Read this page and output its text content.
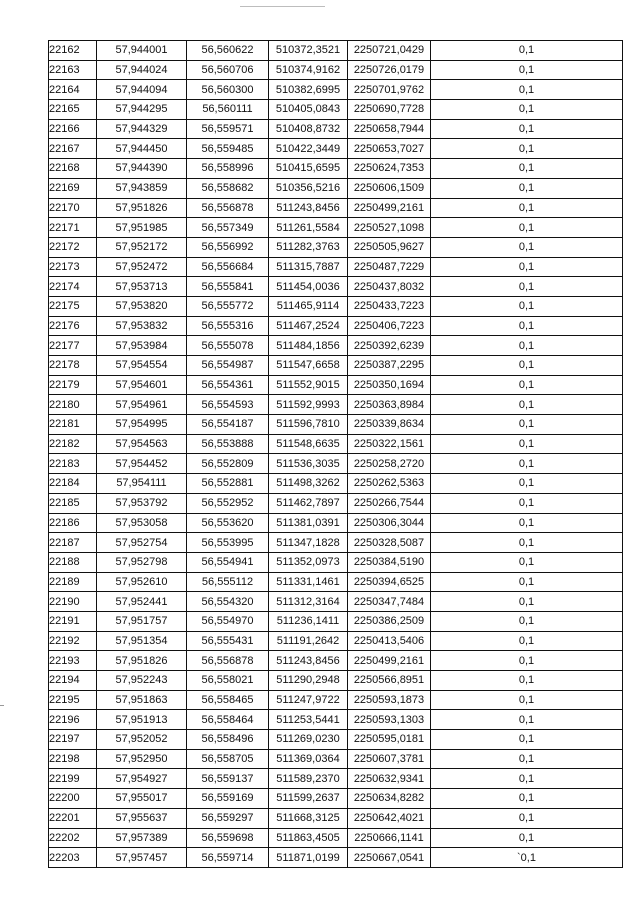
22162	57,944001	56,560622	510372,3521	2250721,0429	0,1
22163	57,944024	56,560706	510374,9162	2250726,0179	0,1
22164	57,944094	56,560300	510382,6995	2250701,9762	0,1
22165	57,944295	56,560111	510405,0843	2250690,7728	0,1
22166	57,944329	56,559571	510408,8732	2250658,7944	0,1
22167	57,944450	56,559485	510422,3449	2250653,7027	0,1
22168	57,944390	56,558996	510415,6595	2250624,7353	0,1
22169	57,943859	56,558682	510356,5216	2250606,1509	0,1
22170	57,951826	56,556878	511243,8456	2250499,2161	0,1
22171	57,951985	56,557349	511261,5584	2250527,1098	0,1
22172	57,952172	56,556992	511282,3763	2250505,9627	0,1
22173	57,952472	56,556684	511315,7887	2250487,7229	0,1
22174	57,953713	56,555841	511454,0036	2250437,8032	0,1
22175	57,953820	56,555772	511465,9114	2250433,7223	0,1
22176	57,953832	56,555316	511467,2524	2250406,7223	0,1
22177	57,953984	56,555078	511484,1856	2250392,6239	0,1
22178	57,954554	56,554987	511547,6658	2250387,2295	0,1
22179	57,954601	56,554361	511552,9015	2250350,1694	0,1
22180	57,954961	56,554593	511592,9993	2250363,8984	0,1
22181	57,954995	56,554187	511596,7810	2250339,8634	0,1
22182	57,954563	56,553888	511548,6635	2250322,1561	0,1
22183	57,954452	56,552809	511536,3035	2250258,2720	0,1
22184	57,954111	56,552881	511498,3262	2250262,5363	0,1
22185	57,953792	56,552952	511462,7897	2250266,7544	0,1
22186	57,953058	56,553620	511381,0391	2250306,3044	0,1
22187	57,952754	56,553995	511347,1828	2250328,5087	0,1
22188	57,952798	56,554941	511352,0973	2250384,5190	0,1
22189	57,952610	56,555112	511331,1461	2250394,6525	0,1
22190	57,952441	56,554320	511312,3164	2250347,7484	0,1
22191	57,951757	56,554970	511236,1411	2250386,2509	0,1
22192	57,951354	56,555431	511191,2642	2250413,5406	0,1
22193	57,951826	56,556878	511243,8456	2250499,2161	0,1
22194	57,952243	56,558021	511290,2948	2250566,8951	0,1
22195	57,951863	56,558465	511247,9722	2250593,1873	0,1
22196	57,951913	56,558464	511253,5441	2250593,1303	0,1
22197	57,952052	56,558496	511269,0230	2250595,0181	0,1
22198	57,952950	56,558705	511369,0364	2250607,3781	0,1
22199	57,954927	56,559137	511589,2370	2250632,9341	0,1
22200	57,955017	56,559169	511599,2637	2250634,8282	0,1
22201	57,955637	56,559297	511668,3125	2250642,4021	0,1
22202	57,957389	56,559698	511863,4505	2250666,1141	0,1
22203	57,957457	56,559714	511871,0199	2250667,0541	`0,1
